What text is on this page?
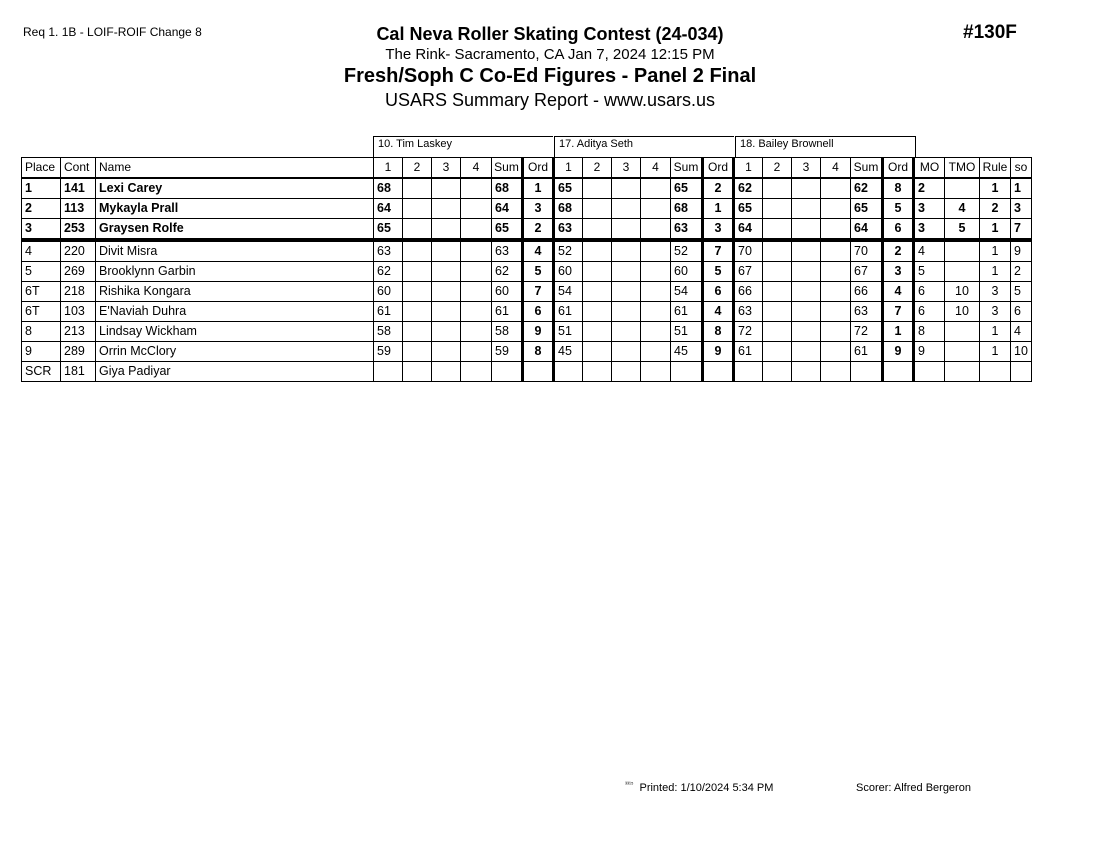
Req 1. 1B - LOIF-ROIF Change 8	#130F
Cal Neva Roller Skating Contest (24-034)
The Rink- Sacramento, CA Jan 7, 2024 12:15 PM
Fresh/Soph C Co-Ed Figures - Panel 2 Final
USARS Summary Report - www.usars.us
10. Tim Laskey	17. Aditya Seth	18. Bailey Brownell
Place	Cont	Name	1	2	3	4	Sum	Ord	1	2	3	4	Sum	Ord	1	2	3	4	Sum	Ord	MO	TMO	Rule	so
1	141	Lexi Carey	68				68	1	65				65	2	62				62	8	2		1	1
2	113	Mykayla Prall	64				64	3	68				68	1	65				65	5	3	4	2	3
3	253	Graysen Rolfe	65				65	2	63				63	3	64				64	6	3	5	1	7
4	220	Divit Misra	63				63	4	52				52	7	70				70	2	4		1	9
5	269	Brooklynn Garbin	62				62	5	60				60	5	67				67	3	5		1	2
6T	218	Rishika Kongara	60				60	7	54				54	6	66				66	4	6	10	3	5
6T	103	E'Naviah Duhra	61				61	6	61				61	4	63				63	7	6	10	3	6
8	213	Lindsay Wickham	58				58	9	51				51	8	72				72	1	8		1	4
9	289	Orrin McClory	59				59	8	45				45	9	61				61	9	9		1	10
SCR	181	Giya Padiyar																						
$^{^{3315}}$ Printed: 1/10/2024 5:34 PM	Scorer: Alfred Bergeron
